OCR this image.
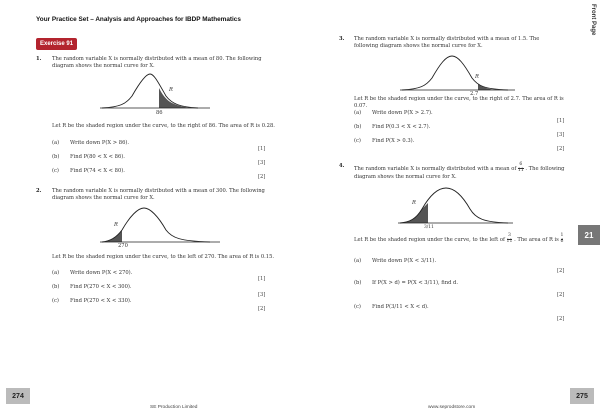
Your Practice Set – Analysis and Approaches for IBDP Mathematics	Front Page
Exercise 91
1. The random variable X is normally distributed with a mean of 80. The following diagram shows the normal curve for X.
R
86
Let R be the shaded region under the curve, to the right of 86. The area of R is 0.28.
(a) Write down P(X > 86).
[1]
(b) Find P(80 < X < 86).
[3]
(c) Find P(74 < X < 80).
[2]
2. The random variable X is normally distributed with a mean of 300. The following diagram shows the normal curve for X.
R
270
Let R be the shaded region under the curve, to the left of 270. The area of R is 0.15.
(a) Write down P(X < 270).
[1]
(b) Find P(270 < X < 300).
[3]
(c) Find P(270 < X < 330).
[2]
3. The random variable X is normally distributed with a mean of 1.5. The following diagram shows the normal curve for X.
R
2.7
Let R be the shaded region under the curve, to the right of 2.7. The area of R is 0.07.
(a) Write down P(X > 2.7).
[1]
(b) Find P(0.3 < X < 2.7).
[3]
(c) Find P(X > 0.3).
[2]
4. The random variable X is normally distributed with a mean of $\frac{6}{11}$ . The following diagram shows the normal curve for X.
R
3/11
Let R be the shaded region under the curve, to the left of $\frac{3}{11}$ . The area of R is $\frac{1}{6}$
(a) Write down P(X < 3/11).
[2]
(b) If P(X > d) = P(X < 3/11), find d.
[2]
(c) Find P(3/11 < X < d).
[2]
21
274	275
SE Production Limited	www.seprodstore.com
